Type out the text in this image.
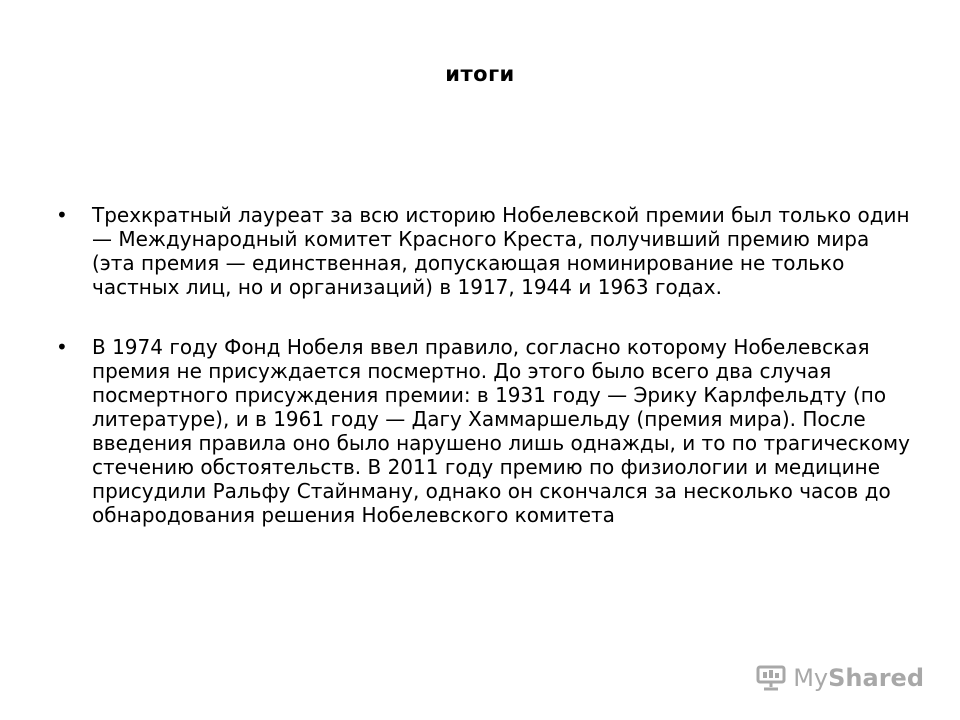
итоги
• Трехкратный лауреат за всю историю Нобелевской премии был только один — Международный комитет Красного Креста, получивший премию мира (эта премия — единственная, допускающая номинирование не только частных лиц, но и организаций) в 1917, 1944 и 1963 годах.
• В 1974 году Фонд Нобеля ввел правило, согласно которому Нобелевская премия не присуждается посмертно. До этого было всего два случая посмертного присуждения премии: в 1931 году — Эрику Карлфельдту (по литературе), и в 1961 году — Дагу Хаммаршельду (премия мира). После введения правила оно было нарушено лишь однажды, и то по трагическому стечению обстоятельств. В 2011 году премию по физиологии и медицине присудили Ральфу Стайнману, однако он скончался за несколько часов до обнародования решения Нобелевского комитета
MyShared
